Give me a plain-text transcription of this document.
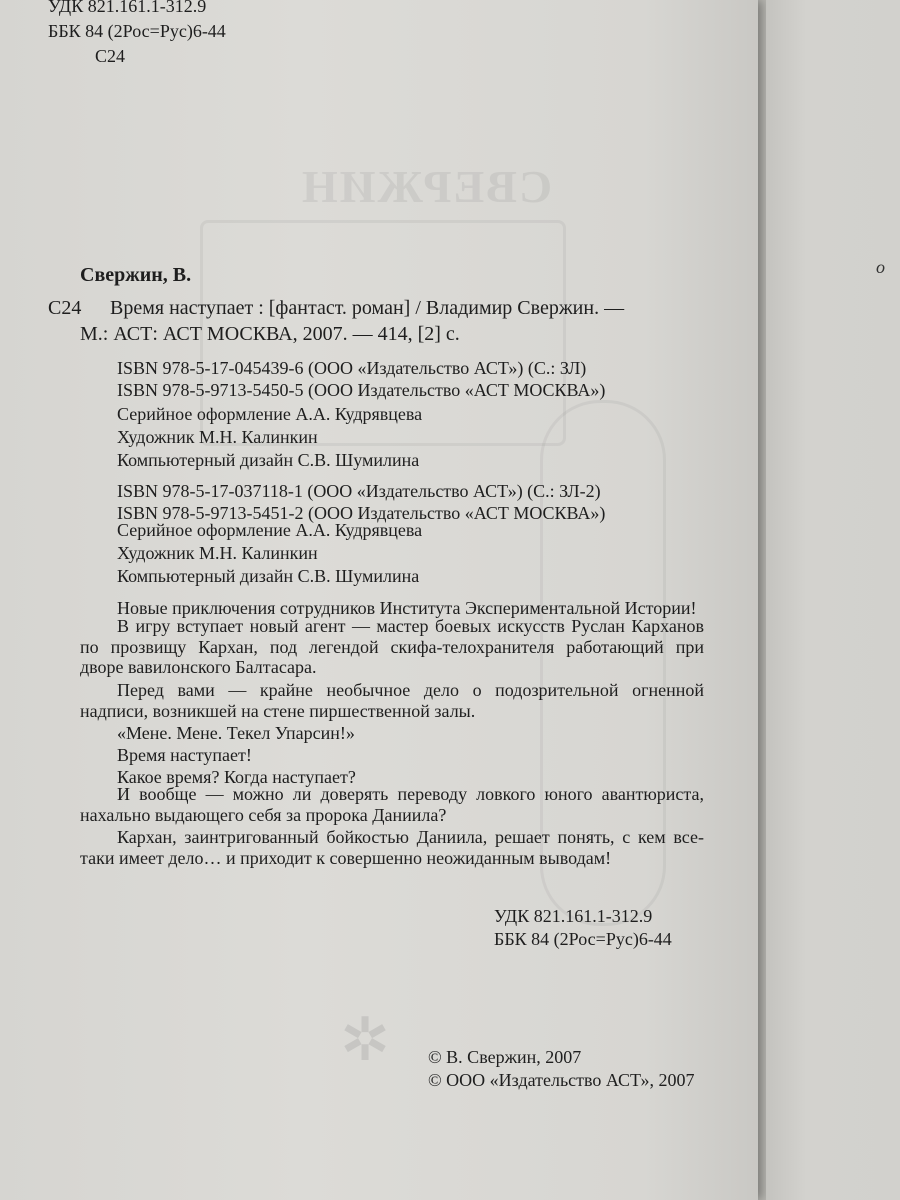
СВЕРЖИН
✲
УДК 821.161.1-312.9
ББК 84 (2Рос=Рус)6-44
С24
Свержин, В.
С24 Время наступает : [фантаст. роман] / Владимир Свержин. —
М.: АСТ: АСТ МОСКВА, 2007. — 414, [2] с.
ISBN 978-5-17-045439-6 (ООО «Издательство АСТ») (С.: ЗЛ)
ISBN 978-5-9713-5450-5 (ООО Издательство «АСТ МОСКВА»)
Серийное оформление А.А. Кудрявцева
Художник М.Н. Калинкин
Компьютерный дизайн С.В. Шумилина
ISBN 978-5-17-037118-1 (ООО «Издательство АСТ») (С.: ЗЛ-2)
ISBN 978-5-9713-5451-2 (ООО Издательство «АСТ МОСКВА»)
Серийное оформление А.А. Кудрявцева
Художник М.Н. Калинкин
Компьютерный дизайн С.В. Шумилина
Новые приключения сотрудников Института Экспериментальной Истории!
В игру вступает новый агент — мастер боевых искусств Руслан Карханов
по прозвищу Кархан, под легендой скифа-телохранителя работающий при
дворе вавилонского Балтасара.
Перед вами — крайне необычное дело о подозрительной огненной
надписи, возникшей на стене пиршественной залы.
«Мене. Мене. Текел Упарсин!»
Время наступает!
Какое время? Когда наступает?
И вообще — можно ли доверять переводу ловкого юного авантюриста,
нахально выдающего себя за пророка Даниила?
Кархан, заинтригованный бойкостью Даниила, решает понять, с кем все-
таки имеет дело… и приходит к совершенно неожиданным выводам!
УДК 821.161.1-312.9
ББК 84 (2Рос=Рус)6-44
© В. Свержин, 2007
© ООО «Издательство АСТ», 2007
о
